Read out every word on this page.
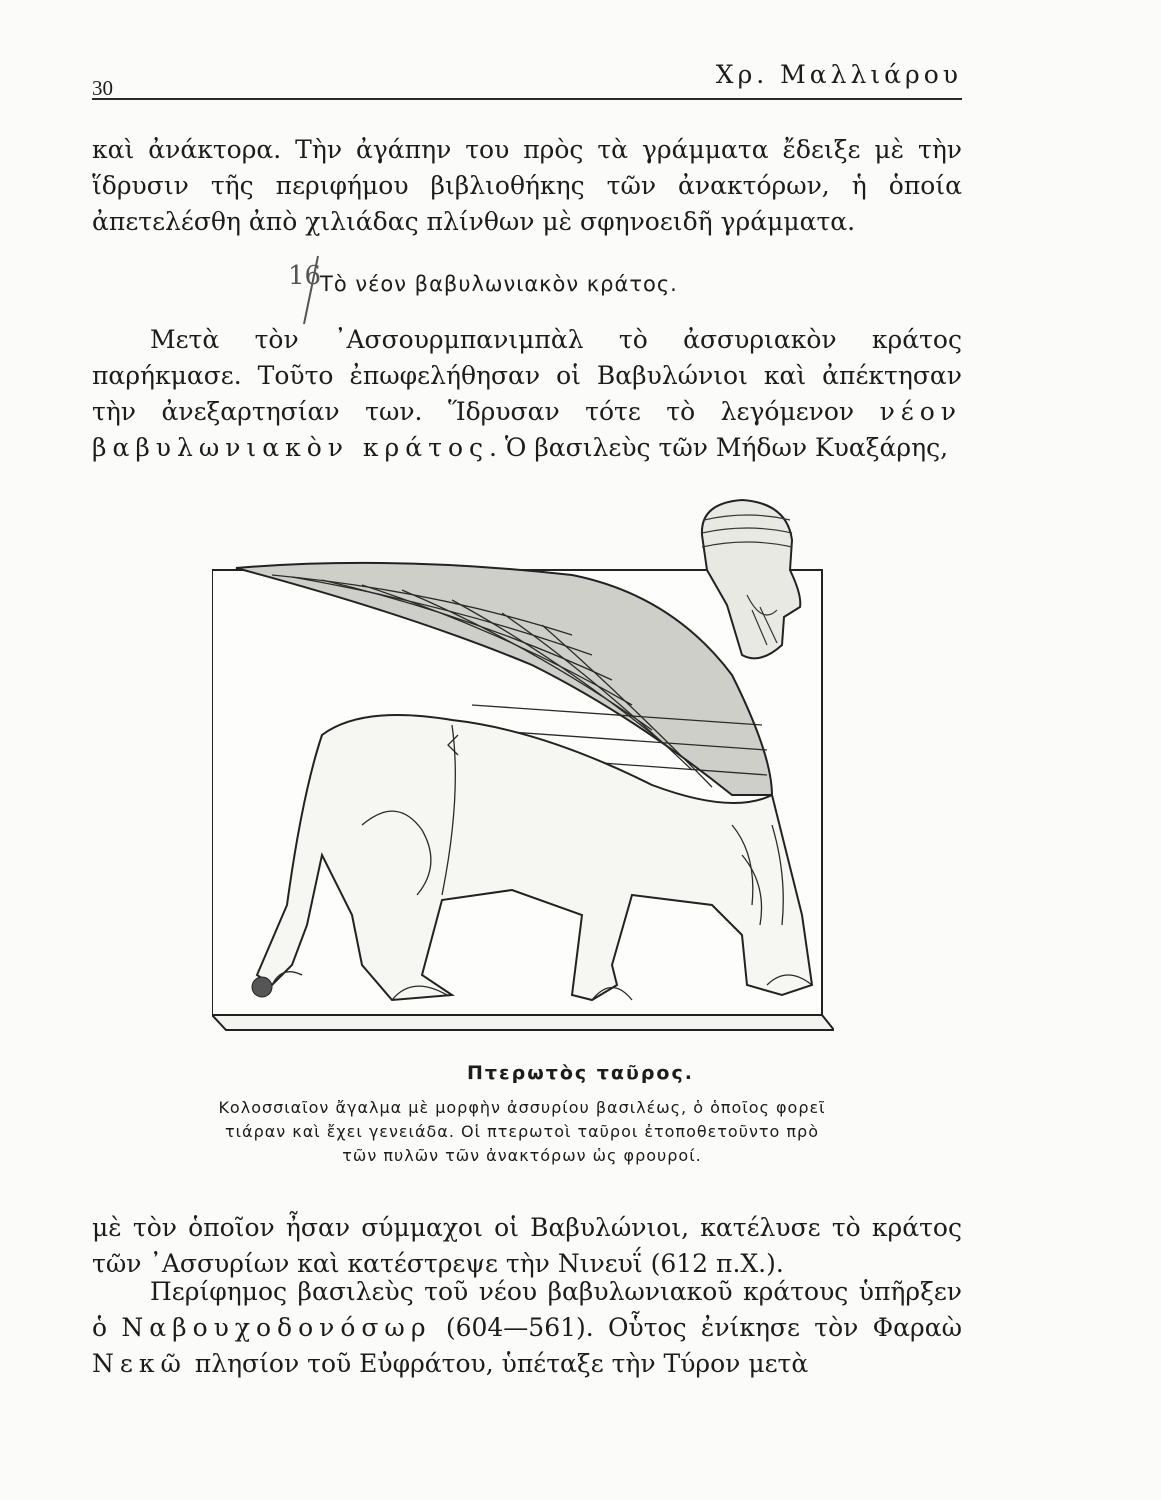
30	Χρ. Μαλλιάρου

καὶ ἀνάκτορα. Τὴν ἀγάπην του πρὸς τὰ γράμματα ἔδειξε μὲ τὴν ἵδρυσιν τῆς περιφήμου βιβλιοθήκης τῶν ἀνακτόρων, ἡ ὁποία ἀπετελέσθη ἀπὸ χιλιάδας πλίνθων μὲ σφηνοειδῆ γράμματα.

16
Τὸ νέον βαβυλωνιακὸν κράτος.

Μετὰ τὸν ᾿Ασσουρμπανιμπὰλ τὸ ἀσσυριακὸν κράτος παρήκμασε. Τοῦτο ἐπωφελήθησαν οἱ Βαβυλώνιοι καὶ ἀπέκτησαν τὴν ἀνεξαρτησίαν των. Ἵδρυσαν τότε τὸ λεγόμενον νέον βαβυλωνιακὸν κράτος. Ὁ βασιλεὺς τῶν Μήδων Κυαξάρης,

Πτερωτὸς ταῦρος.
Κολοσσιαῖον ἄγαλμα μὲ μορφὴν ἀσσυρίου βασιλέως, ὁ ὁποῖος φορεῖ τιάραν καὶ ἔχει γενειάδα. Οἱ πτερωτοὶ ταῦροι ἐτοποθετοῦντο πρὸ τῶν πυλῶν τῶν ἀνακτόρων ὡς φρουροί.

μὲ τὸν ὁποῖον ἦσαν σύμμαχοι οἱ Βαβυλώνιοι, κατέλυσε τὸ κράτος τῶν ᾿Ασσυρίων καὶ κατέστρεψε τὴν Νινευΐ (612 π.Χ.).

Περίφημος βασιλεὺς τοῦ νέου βαβυλωνιακοῦ κράτους ὑπῆρξεν ὁ Ναβουχοδονόσωρ (604—561). Οὗτος ἐνίκησε τὸν Φαραὼ Νεκῶ πλησίον τοῦ Εὐφράτου, ὑπέταξε τὴν Τύρον μετὰ
